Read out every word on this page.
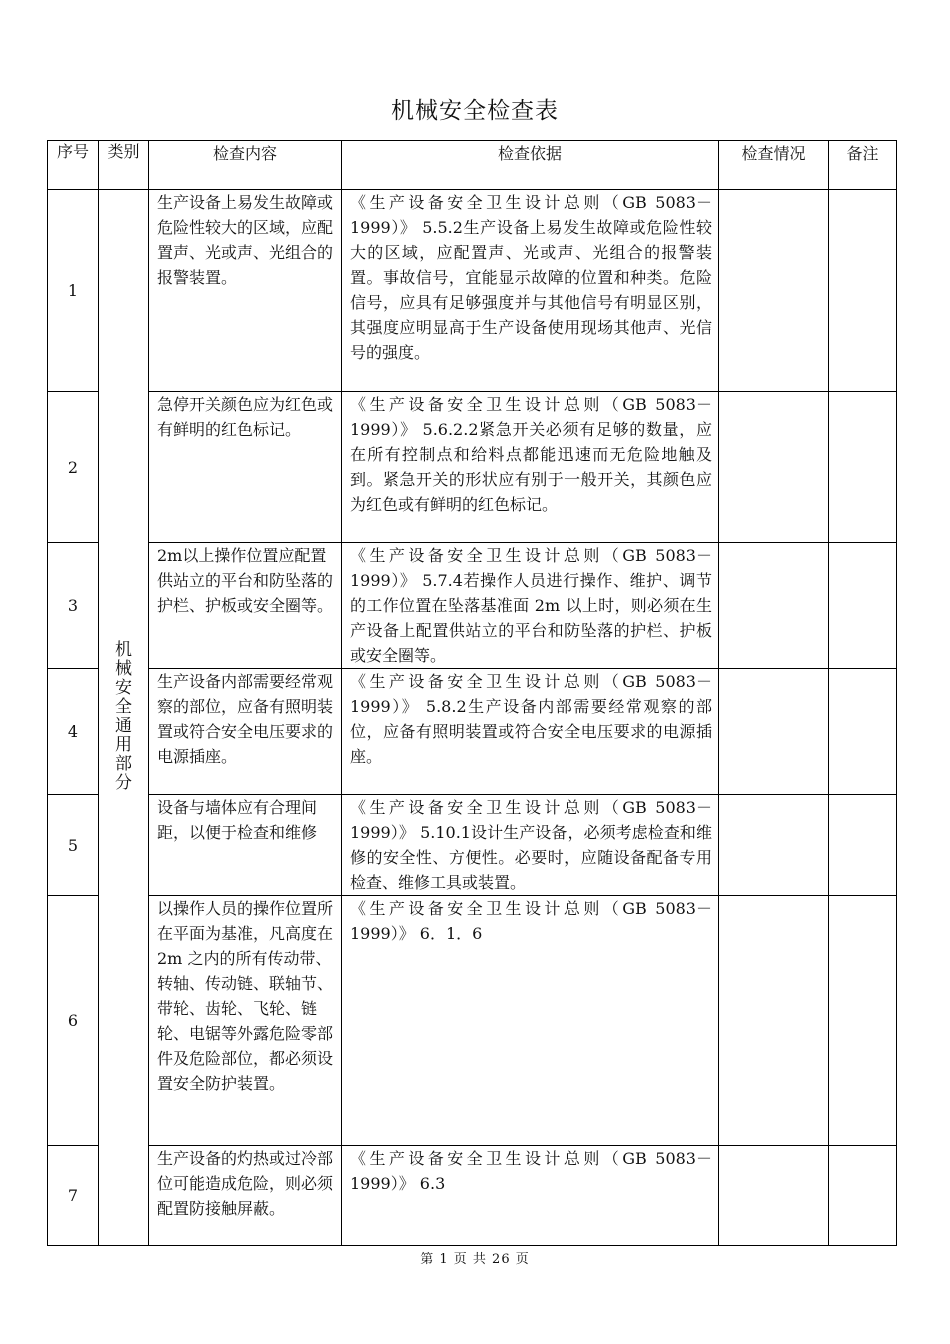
机械安全检查表
序号	类别	检查内容	检查依据	检查情况	备注
1	机械安全通用部分	生产设备上易发生故障或危险性较大的区域，应配置声、光或声、光组合的报警装置。	《生产设备安全卫生设计总则（GB 5083－1999）》 5.5.2生产设备上易发生故障或危险性较大的区域，应配置声、光或声、光组合的报警装置。事故信号，宜能显示故障的位置和种类。危险信号，应具有足够强度并与其他信号有明显区别，其强度应明显高于生产设备使用现场其他声、光信号的强度。		
2		急停开关颜色应为红色或有鲜明的红色标记。	《生产设备安全卫生设计总则（GB 5083－1999）》 5.6.2.2紧急开关必须有足够的数量，应在所有控制点和给料点都能迅速而无危险地触及到。紧急开关的形状应有别于一般开关，其颜色应为红色或有鲜明的红色标记。		
3		2m以上操作位置应配置供站立的平台和防坠落的护栏、护板或安全圈等。	《生产设备安全卫生设计总则（GB 5083－1999）》 5.7.4若操作人员进行操作、维护、调节的工作位置在坠落基准面 2m 以上时，则必须在生产设备上配置供站立的平台和防坠落的护栏、护板或安全圈等。		
4		生产设备内部需要经常观察的部位，应备有照明装置或符合安全电压要求的电源插座。	《生产设备安全卫生设计总则（GB 5083－1999）》 5.8.2生产设备内部需要经常观察的部位，应备有照明装置或符合安全电压要求的电源插座。		
5		设备与墙体应有合理间距，以便于检查和维修	《生产设备安全卫生设计总则（GB 5083－1999）》 5.10.1设计生产设备，必须考虑检查和维修的安全性、方便性。必要时，应随设备配备专用检查、维修工具或装置。		
6		以操作人员的操作位置所在平面为基准，凡高度在 2m 之内的所有传动带、转轴、传动链、联轴节、带轮、齿轮、飞轮、链轮、电锯等外露危险零部件及危险部位，都必须设置安全防护装置。	《生产设备安全卫生设计总则（GB 5083－1999）》 6．1．6		
7		生产设备的灼热或过冷部位可能造成危险，则必须配置防接触屏蔽。	《生产设备安全卫生设计总则（GB 5083－1999）》 6.3		
第 1 页 共 26 页
